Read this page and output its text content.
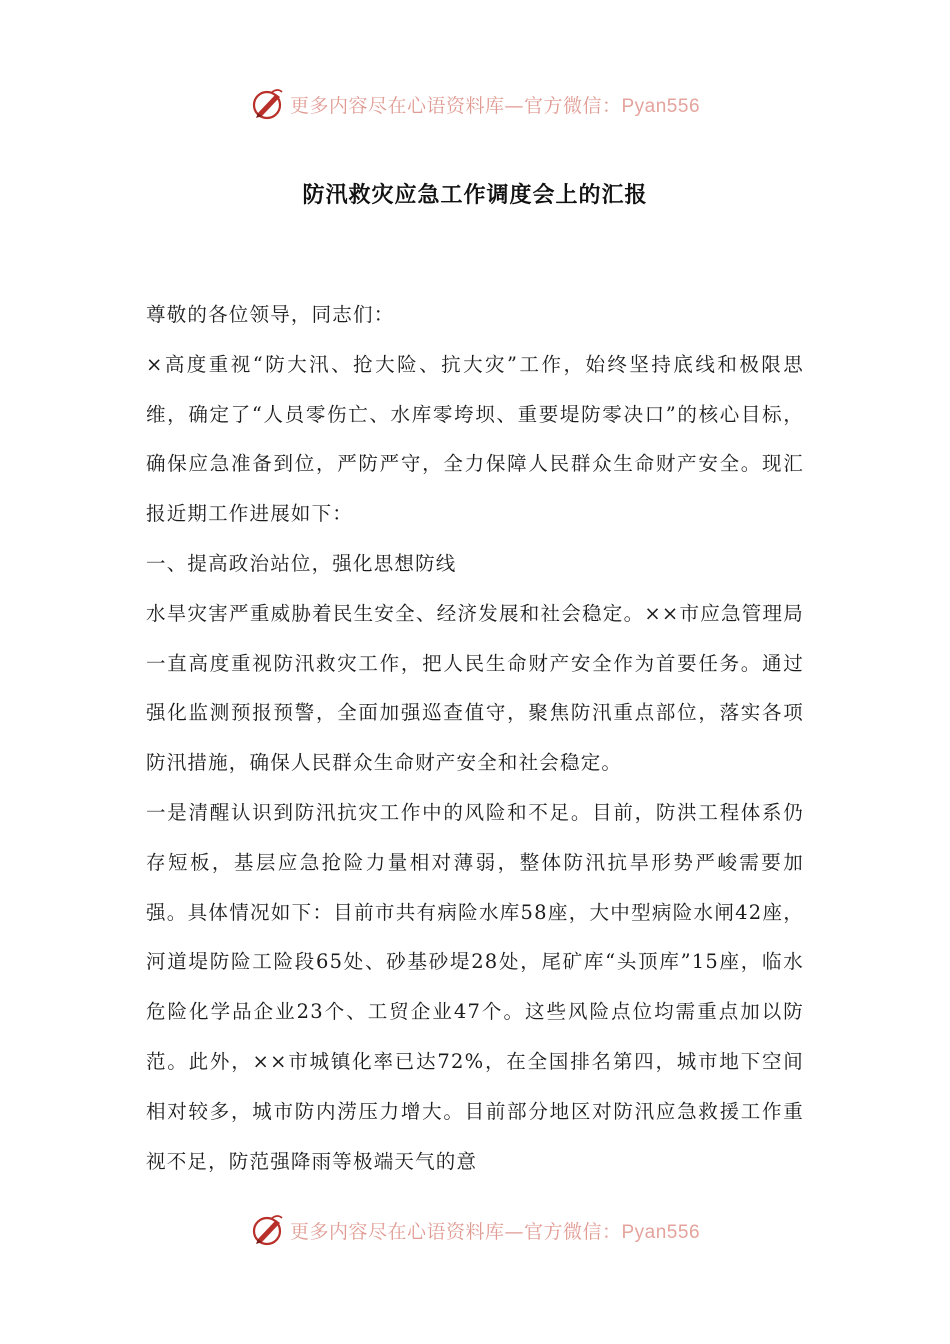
更多内容尽在心语资料库—官方微信：Pyan556
防汛救灾应急工作调度会上的汇报

尊敬的各位领导，同志们：

×高度重视“防大汛、抢大险、抗大灾”工作，始终坚持底线和极限思维，确定了“人员零伤亡、水库零垮坝、重要堤防零决口”的核心目标，确保应急准备到位，严防严守，全力保障人民群众生命财产安全。现汇报近期工作进展如下：

一、提高政治站位，强化思想防线

水旱灾害严重威胁着民生安全、经济发展和社会稳定。××市应急管理局一直高度重视防汛救灾工作，把人民生命财产安全作为首要任务。通过强化监测预报预警，全面加强巡查值守，聚焦防汛重点部位，落实各项防汛措施，确保人民群众生命财产安全和社会稳定。

一是清醒认识到防汛抗灾工作中的风险和不足。目前，防洪工程体系仍存短板，基层应急抢险力量相对薄弱，整体防汛抗旱形势严峻需要加强。具体情况如下：目前市共有病险水库58座，大中型病险水闸42座，河道堤防险工险段65处、砂基砂堤28处，尾矿库“头顶库”15座，临水危险化学品企业23个、工贸企业47个。这些风险点位均需重点加以防范。此外，××市城镇化率已达72%，在全国排名第四，城市地下空间相对较多，城市防内涝压力增大。目前部分地区对防汛应急救援工作重视不足，防范强降雨等极端天气的意

更多内容尽在心语资料库—官方微信：Pyan556
